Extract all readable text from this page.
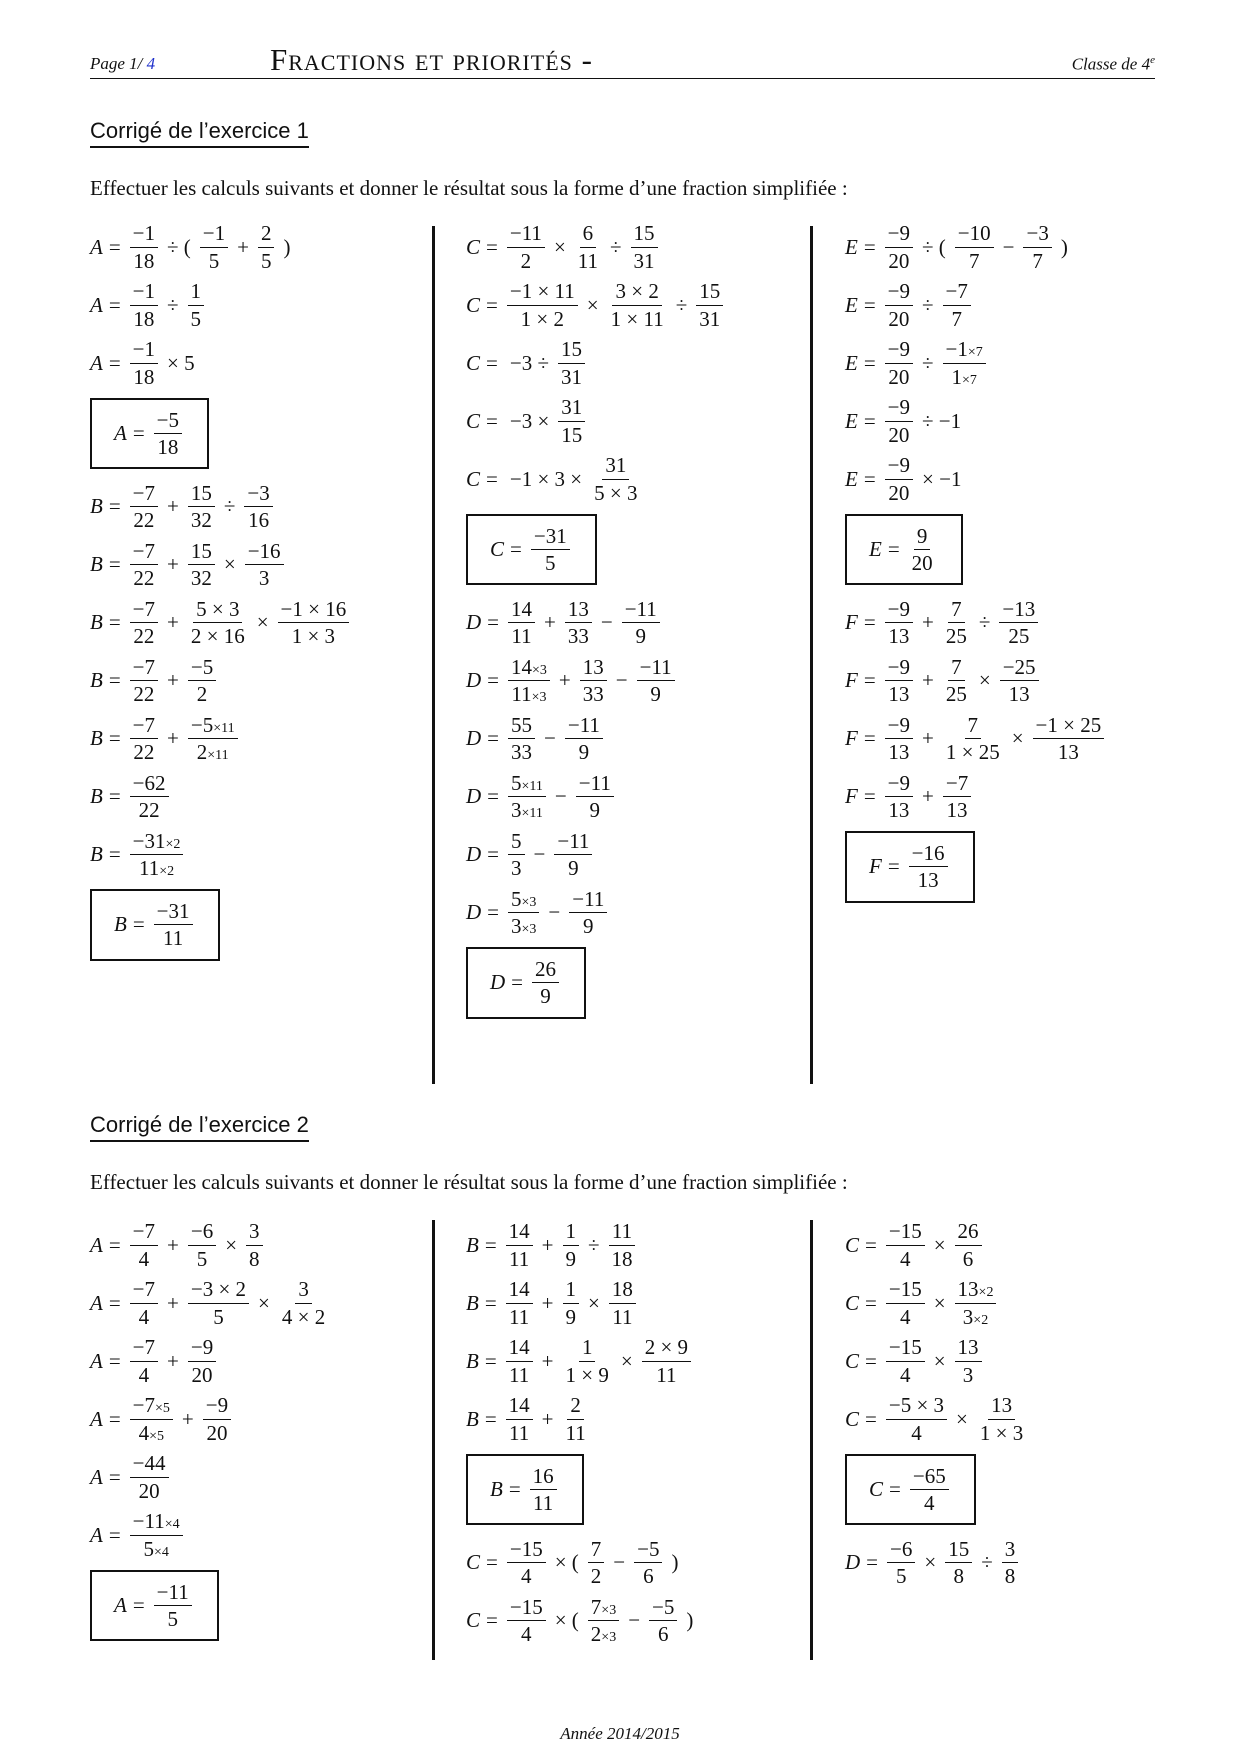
Page 1/ 4	Fractions et priorités -	Classe de 4e
Corrigé de l’exercice 1
Effectuer les calculs suivants et donner le résultat sous la forme d’une fraction simplifiée :
$A = \frac{-1}{18}$ ÷ ( $\frac{-1}{5} + \frac{2}{5}$ )
$A = \frac{-1}{18} \div \frac{1}{5}$
$A = \frac{-1}{18} \times 5$
$A = \frac{-5}{18}$
$B = \frac{-7}{22} + \frac{15}{32} \div \frac{-3}{16}$
$B = \frac{-7}{22} + \frac{15}{32} \times \frac{-16}{3}$
$B = \frac{-7}{22} + \frac{5 \times 3}{2 \times 16} \times \frac{-1 \times 16}{1 \times 3}$
$B = \frac{-7}{22} + \frac{-5}{2}$
$B = \frac{-7}{22} + \frac{-5\times 11}{2\times 11}$
$B = \frac{-62}{22}$
$B = \frac{-31\times 2}{11\times 2}$
$B = \frac{-31}{11}$
$C = \frac{-11}{2} \times \frac{6}{11} \div \frac{15}{31}$
$C = \frac{-1 \times 11}{1 \times 2} \times \frac{3 \times 2}{1 \times 11} \div \frac{15}{31}$
$C = -3 \div \frac{15}{31}$
$C = -3 \times \frac{31}{15}$
$C = -1 \times 3 \times \frac{31}{5 \times 3}$
$C = \frac{-31}{5}$
$D = \frac{14}{11} + \frac{13}{33} - \frac{-11}{9}$
$D = \frac{14\times 3}{11\times 3} + \frac{13}{33} - \frac{-11}{9}$
$D = \frac{55}{33} - \frac{-11}{9}$
$D = \frac{5\times 11}{3\times 11} - \frac{-11}{9}$
$D = \frac{5}{3} - \frac{-11}{9}$
$D = \frac{5\times 3}{3\times 3} - \frac{-11}{9}$
$D = \frac{26}{9}$
$E = \frac{-9}{20}$ ÷ ( $\frac{-10}{7} - \frac{-3}{7}$ )
$E = \frac{-9}{20} \div \frac{-7}{7}$
$E = \frac{-9}{20} \div \frac{-1\times 7}{1\times 7}$
$E = \frac{-9}{20} \div -1$
$E = \frac{-9}{20} \times -1$
$E = \frac{9}{20}$
$F = \frac{-9}{13} + \frac{7}{25} \div \frac{-13}{25}$
$F = \frac{-9}{13} + \frac{7}{25} \times \frac{-25}{13}$
$F = \frac{-9}{13} + \frac{7}{1 \times 25} \times \frac{-1 \times 25}{13}$
$F = \frac{-9}{13} + \frac{-7}{13}$
$F = \frac{-16}{13}$
Corrigé de l’exercice 2
Effectuer les calculs suivants et donner le résultat sous la forme d’une fraction simplifiée :
$A = \frac{-7}{4} + \frac{-6}{5} \times \frac{3}{8}$
$A = \frac{-7}{4} + \frac{-3 \times 2}{5} \times \frac{3}{4 \times 2}$
$A = \frac{-7}{4} + \frac{-9}{20}$
$A = \frac{-7\times 5}{4\times 5} + \frac{-9}{20}$
$A = \frac{-44}{20}$
$A = \frac{-11\times 4}{5\times 4}$
$A = \frac{-11}{5}$
$B = \frac{14}{11} + \frac{1}{9} \div \frac{11}{18}$
$B = \frac{14}{11} + \frac{1}{9} \times \frac{18}{11}$
$B = \frac{14}{11} + \frac{1}{1 \times 9} \times \frac{2 \times 9}{11}$
$B = \frac{14}{11} + \frac{2}{11}$
$B = \frac{16}{11}$
$C = \frac{-15}{4}$ × ( $\frac{7}{2} - \frac{-5}{6}$ )
$C = \frac{-15}{4}$ × ( $\frac{7\times 3}{2\times 3} - \frac{-5}{6}$ )
$C = \frac{-15}{4} \times \frac{26}{6}$
$C = \frac{-15}{4} \times \frac{13\times 2}{3\times 2}$
$C = \frac{-15}{4} \times \frac{13}{3}$
$C = \frac{-5 \times 3}{4} \times \frac{13}{1 \times 3}$
$C = \frac{-65}{4}$
$D = \frac{-6}{5} \times \frac{15}{8} \div \frac{3}{8}$
Année 2014/2015
